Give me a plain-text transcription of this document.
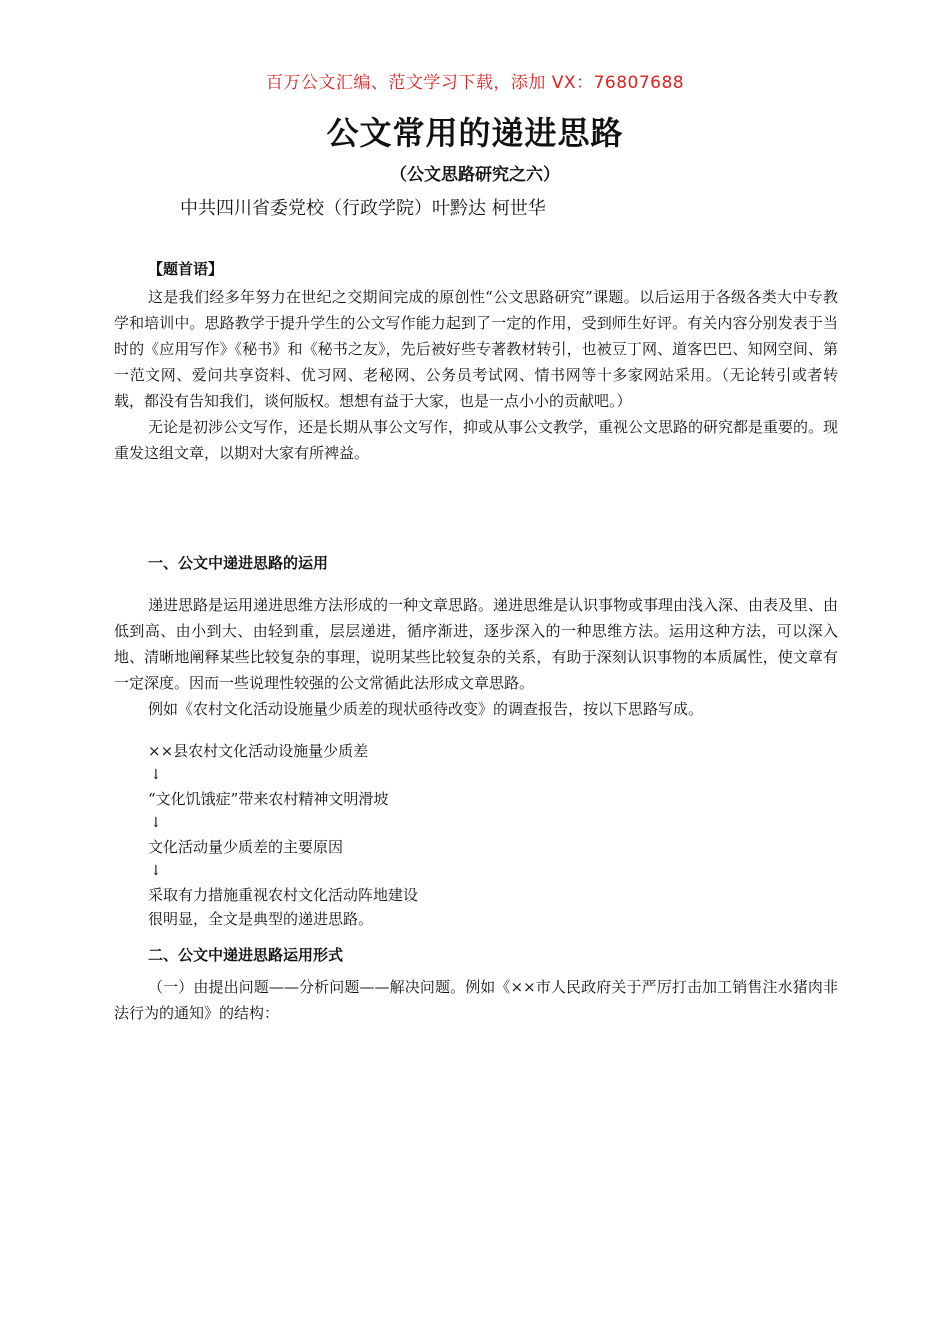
百万公文汇编、范文学习下载，添加 VX：76807688
公文常用的递进思路
（公文思路研究之六）
中共四川省委党校（行政学院）叶黔达 柯世华
【题首语】

这是我们经多年努力在世纪之交期间完成的原创性“公文思路研究”课题。以后运用于各级各类大中专教学和培训中。思路教学于提升学生的公文写作能力起到了一定的作用，受到师生好评。有关内容分别发表于当时的《应用写作》《秘书》和《秘书之友》，先后被好些专著教材转引，也被豆丁网、道客巴巴、知网空间、第一范文网、爱问共享资料、优习网、老秘网、公务员考试网、情书网等十多家网站采用。（无论转引或者转载，都没有告知我们，谈何版权。想想有益于大家，也是一点小小的贡献吧。）

无论是初涉公文写作，还是长期从事公文写作，抑或从事公文教学，重视公文思路的研究都是重要的。现重发这组文章，以期对大家有所裨益。

一、公文中递进思路的运用

递进思路是运用递进思维方法形成的一种文章思路。递进思维是认识事物或事理由浅入深、由表及里、由低到高、由小到大、由轻到重，层层递进，循序渐进，逐步深入的一种思维方法。运用这种方法，可以深入地、清晰地阐释某些比较复杂的事理，说明某些比较复杂的关系，有助于深刻认识事物的本质属性，使文章有一定深度。因而一些说理性较强的公文常循此法形成文章思路。

例如《农村文化活动设施量少质差的现状亟待改变》的调查报告，按以下思路写成。

××县农村文化活动设施量少质差
↓
“文化饥饿症”带来农村精神文明滑坡
↓
文化活动量少质差的主要原因
↓
采取有力措施重视农村文化活动阵地建设
很明显，全文是典型的递进思路。
二、公文中递进思路运用形式

（一）由提出问题——分析问题——解决问题。例如《××市人民政府关于严厉打击加工销售注水猪肉非法行为的通知》的结构：
